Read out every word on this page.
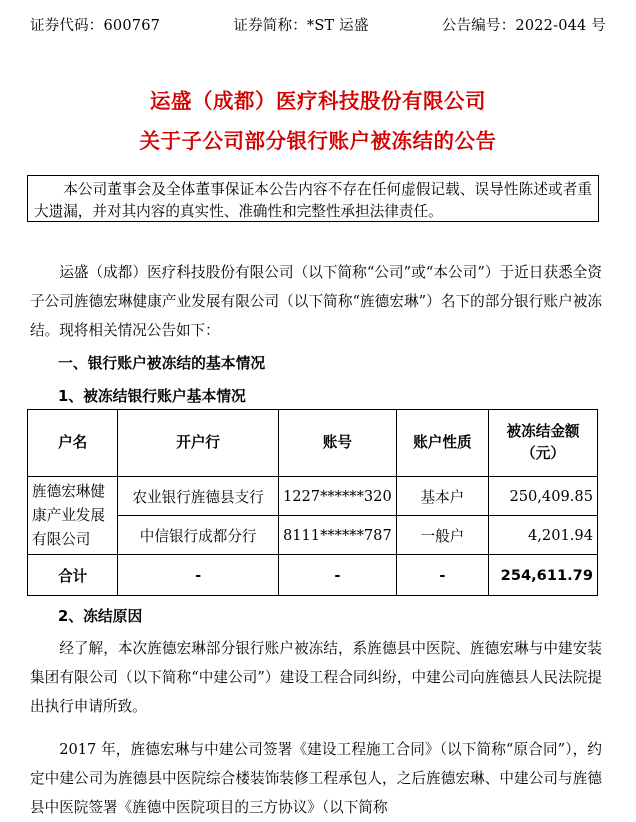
证券代码：600767	证券简称：*ST 运盛	公告编号：2022-044 号
运盛（成都）医疗科技股份有限公司
关于子公司部分银行账户被冻结的公告
本公司董事会及全体董事保证本公告内容不存在任何虚假记载、误导性陈述或者重大遗漏，并对其内容的真实性、准确性和完整性承担法律责任。
运盛（成都）医疗科技股份有限公司（以下简称“公司”或“本公司”）于近日获悉全资子公司旌德宏琳健康产业发展有限公司（以下简称“旌德宏琳”）名下的部分银行账户被冻结。现将相关情况公告如下：
一、银行账户被冻结的基本情况
1、被冻结银行账户基本情况
户名	开户行	账号	账户性质	被冻结金额（元）
旌德宏琳健康产业发展有限公司	农业银行旌德县支行	1227******320	基本户	250,409.85
	中信银行成都分行	8111******787	一般户	4,201.94
合计	-	-	-	254,611.79
2、冻结原因
经了解，本次旌德宏琳部分银行账户被冻结，系旌德县中医院、旌德宏琳与中建安装集团有限公司（以下简称“中建公司”）建设工程合同纠纷，中建公司向旌德县人民法院提出执行申请所致。
2017 年，旌德宏琳与中建公司签署《建设工程施工合同》（以下简称“原合同”），约定中建公司为旌德县中医院综合楼装饰装修工程承包人，之后旌德宏琳、中建公司与旌德县中医院签署《旌德中医院项目的三方协议》（以下简称
